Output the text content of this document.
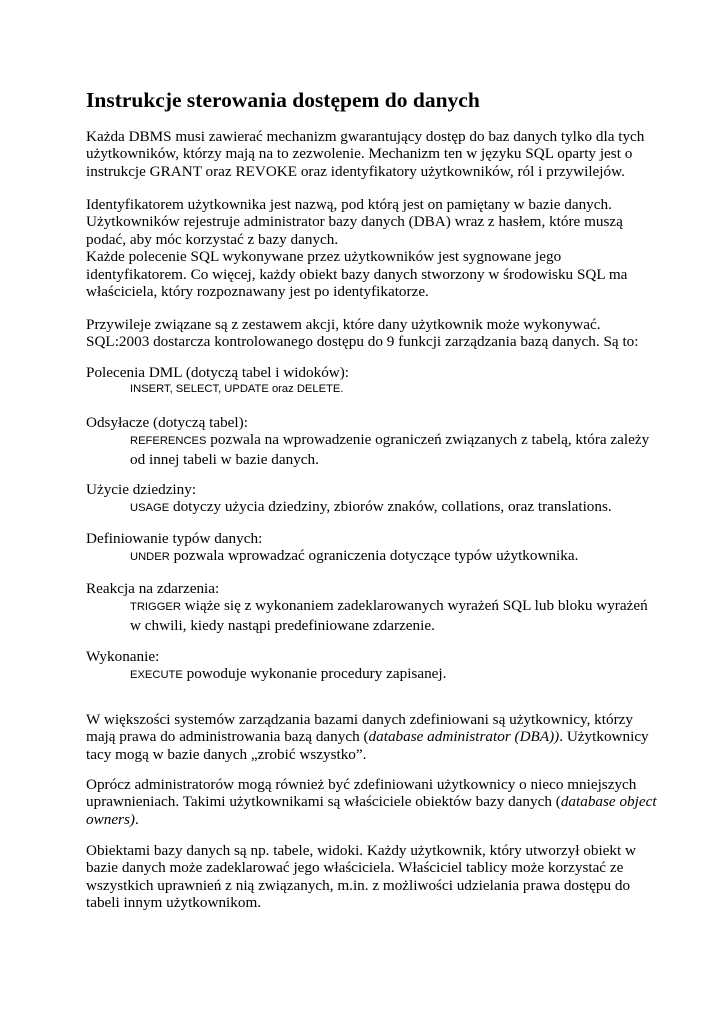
Instrukcje sterowania dostępem do danych
Każda DBMS musi zawierać mechanizm gwarantujący dostęp do baz danych tylko dla tych
użytkowników, którzy mają na to zezwolenie. Mechanizm ten w języku SQL oparty jest o
instrukcje GRANT oraz REVOKE oraz identyfikatory użytkowników, ról i przywilejów.
Identyfikatorem użytkownika jest nazwą, pod którą jest on pamiętany w bazie danych.
Użytkowników rejestruje administrator bazy danych (DBA) wraz z hasłem, które muszą
podać, aby móc korzystać z bazy danych.
Każde polecenie SQL wykonywane przez użytkowników jest sygnowane jego
identyfikatorem. Co więcej, każdy obiekt bazy danych stworzony w środowisku SQL ma
właściciela, który rozpoznawany jest po identyfikatorze.
Przywileje związane są z zestawem akcji, które dany użytkownik może wykonywać.
SQL:2003 dostarcza kontrolowanego dostępu do 9 funkcji zarządzania bazą danych. Są to:
Polecenia DML (dotyczą tabel i widoków):
INSERT, SELECT, UPDATE oraz DELETE.
Odsyłacze (dotyczą tabel):
REFERENCES pozwala na wprowadzenie ograniczeń związanych z tabelą, która zależy
od innej tabeli w bazie danych.
Użycie dziedziny:
USAGE dotyczy użycia dziedziny, zbiorów znaków, collations, oraz translations.
Definiowanie typów danych:
UNDER pozwala wprowadzać ograniczenia dotyczące typów użytkownika.
Reakcja na zdarzenia:
TRIGGER wiąże się z wykonaniem zadeklarowanych wyrażeń SQL lub bloku wyrażeń
w chwili, kiedy nastąpi predefiniowane zdarzenie.
Wykonanie:
EXECUTE powoduje wykonanie procedury zapisanej.
W większości systemów zarządzania bazami danych zdefiniowani są użytkownicy, którzy
mają prawa do administrowania bazą danych (database administrator (DBA)). Użytkownicy
tacy mogą w bazie danych „zrobić wszystko”.
Oprócz administratorów mogą również być zdefiniowani użytkownicy o nieco mniejszych
uprawnieniach. Takimi użytkownikami są właściciele obiektów bazy danych (database object
owners).
Obiektami bazy danych są np. tabele, widoki. Każdy użytkownik, który utworzył obiekt w
bazie danych może zadeklarować jego właściciela. Właściciel tablicy może korzystać ze
wszystkich uprawnień z nią związanych, m.in. z możliwości udzielania prawa dostępu do
tabeli innym użytkownikom.
